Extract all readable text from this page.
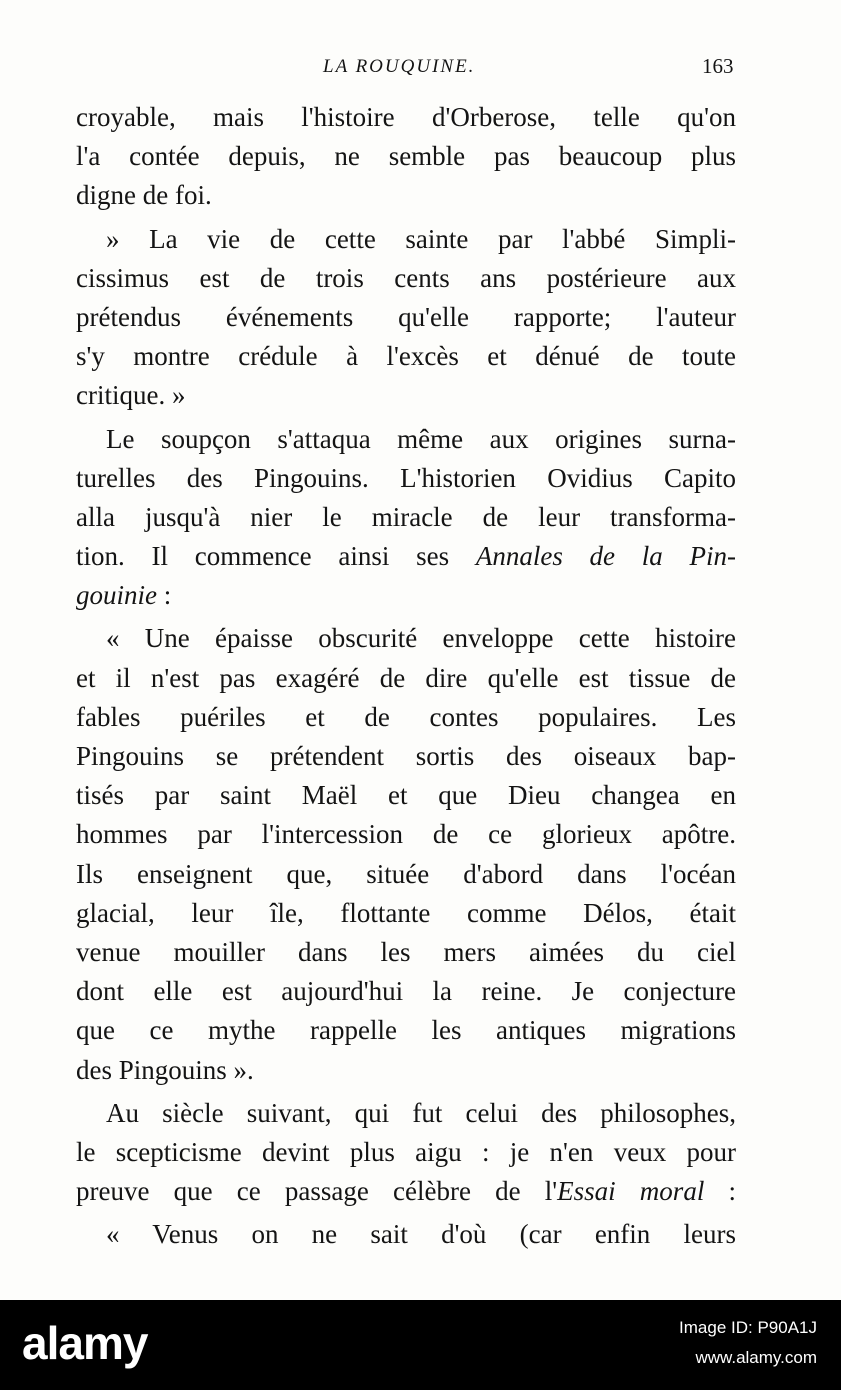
LA ROUQUINE.	163
croyable, mais l'histoire d'Orberose, telle qu'on
l'a contée depuis, ne semble pas beaucoup plus
digne de foi.
» La vie de cette sainte par l'abbé Simpli-
cissimus est de trois cents ans postérieure aux
prétendus événements qu'elle rapporte; l'auteur
s'y montre crédule à l'excès et dénué de toute
critique. »
Le soupçon s'attaqua même aux origines surna-
turelles des Pingouins. L'historien Ovidius Capito
alla jusqu'à nier le miracle de leur transforma-
tion. Il commence ainsi ses Annales de la Pin-
gouinie :
« Une épaisse obscurité enveloppe cette histoire
et il n'est pas exagéré de dire qu'elle est tissue de
fables puériles et de contes populaires. Les
Pingouins se prétendent sortis des oiseaux bap-
tisés par saint Maël et que Dieu changea en
hommes par l'intercession de ce glorieux apôtre.
Ils enseignent que, située d'abord dans l'océan
glacial, leur île, flottante comme Délos, était
venue mouiller dans les mers aimées du ciel
dont elle est aujourd'hui la reine. Je conjecture
que ce mythe rappelle les antiques migrations
des Pingouins ».
Au siècle suivant, qui fut celui des philosophes,
le scepticisme devint plus aigu : je n'en veux pour
preuve que ce passage célèbre de l'Essai moral :
« Venus on ne sait d'où (car enfin leurs
alamy	Image ID: P90A1J
www.alamy.com
